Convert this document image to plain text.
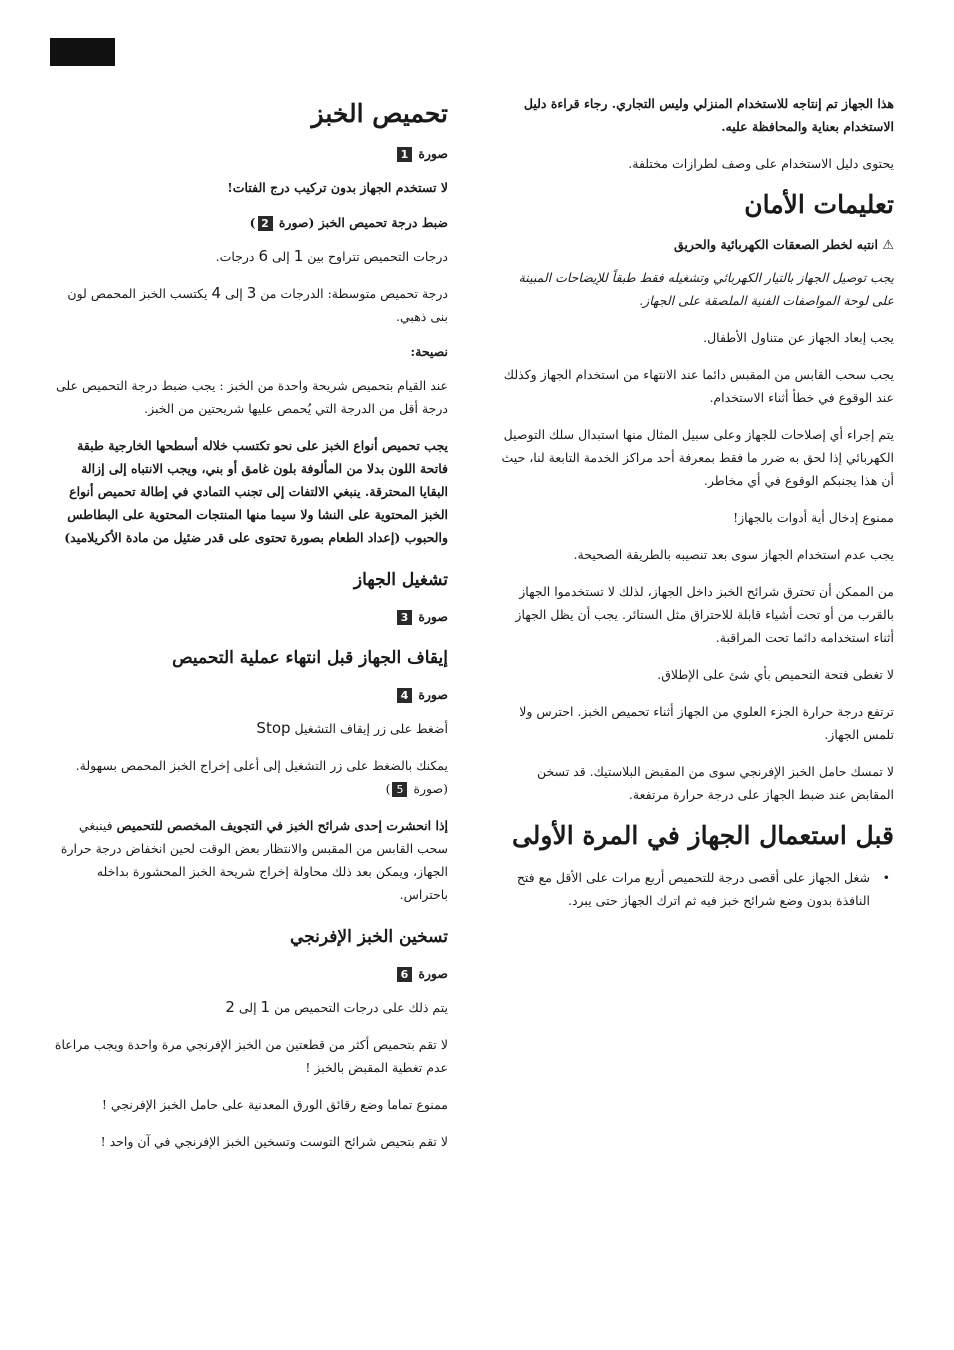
هذا الجهاز تم إنتاجه للاستخدام المنزلي وليس التجاري. رجاء قراءة دليل الاستخدام بعناية والمحافظة عليه.

يحتوى دليل الاستخدام على وصف لطرازات مختلفة.

تعليمات الأمان
⚠ انتبه لخطر الصعقات الكهربائية والحريق

يجب توصيل الجهاز بالتيار الكهربائي وتشغيله فقط طبقاً للإيضاحات المبينة على لوحة المواصفات الفنية الملصقة على الجهاز.

يجب إبعاد الجهاز عن متناول الأطفال.

يجب سحب القابس من المقبس دائما عند الانتهاء من استخدام الجهاز وكذلك عند الوقوع في خطأ أثناء الاستخدام.

يتم إجراء أي إصلاحات للجهاز وعلى سبيل المثال منها استبدال سلك التوصيل الكهربائي إذا لحق به ضرر ما فقط بمعرفة أحد مراكز الخدمة التابعة لنا، حيث أن هذا يجنبكم الوقوع في أي مخاطر.

ممنوع إدخال أية أدوات بالجهاز!

يجب عدم استخدام الجهاز سوى بعد تنصيبه بالطريقة الصحيحة.

من الممكن أن تحترق شرائح الخبز داخل الجهاز، لذلك لا تستخدموا الجهاز بالقرب من أو تحت أشياء قابلة للاحتراق مثل الستائر. يجب أن يظل الجهاز أثناء استخدامه دائما تحت المراقبة.

لا تغطى فتحة التحميص بأي شئ على الإطلاق.

ترتفع درجة حرارة الجزء العلوي من الجهاز أثناء تحميص الخبز. احترس ولا تلمس الجهاز.

لا تمسك حامل الخبز الإفرنجي سوى من المقبض البلاستيك. قد تسخن المقابض عند ضبط الجهاز على درجة حرارة مرتفعة.

قبل استعمال الجهاز في المرة الأولى

• شغل الجهاز على أقصى درجة للتحميص أربع مرات على الأقل مع فتح النافذة بدون وضع شرائح خبز فيه ثم اترك الجهاز حتى يبرد.

تحميص الخبز
صورة 1

لا تستخدم الجهاز بدون تركيب درج الفتات!

ضبط درجة تحميص الخبز (صورة 2)

درجات التحميص تتراوح بين 1 إلى 6 درجات.

درجة تحميص متوسطة: الدرجات من 3 إلى 4 يكتسب الخبز المحمص لون بنى ذهبي.

نصيحة:

عند القيام بتحميص شريحة واحدة من الخبز : يجب ضبط درجة التحميص على درجة أقل من الدرجة التي يُحمص عليها شريحتين من الخبز.

يجب تحميص أنواع الخبز على نحو تكتسب خلاله أسطحها الخارجية طبقة فاتحة اللون بدلا من المألوفة بلون غامق أو بني، ويجب الانتباه إلى إزالة البقايا المحترقة. ينبغي الالتفات إلى تجنب التمادي في إطالة تحميص أنواع الخبز المحتوية على النشا ولا سيما منها المنتجات المحتوية على البطاطس والحبوب (إعداد الطعام بصورة تحتوى على قدر ضئيل من مادة الأكريلاميد)

تشغيل الجهاز
صورة 3
إيقاف الجهاز قبل انتهاء عملية التحميص
صورة 4

أضغط على زر إيقاف التشغيل Stop

يمكنك بالضغط على زر التشغيل إلى أعلى إخراج الخبز المحمص بسهولة.
(صورة 5)

إذا انحشرت إحدى شرائح الخبز في التجويف المخصص للتحميص فينبغي سحب القابس من المقبس والانتظار بعض الوقت لحين انخفاض درجة حرارة الجهاز، ويمكن بعد ذلك محاولة إخراج شريحة الخبز المحشورة بداخله باحتراس.

تسخين الخبز الإفرنجي
صورة 6

يتم ذلك على درجات التحميص من 1 إلى 2

لا تقم بتحميص أكثر من قطعتين من الخبز الإفرنجي مرة واحدة ويجب مراعاة عدم تغطية المقبض بالخبز !

ممنوع تماما وضع رقائق الورق المعدنية على حامل الخبز الإفرنجي !

لا تقم بتحيص شرائح التوست وتسخين الخبز الإفرنجي في آن واحد !
